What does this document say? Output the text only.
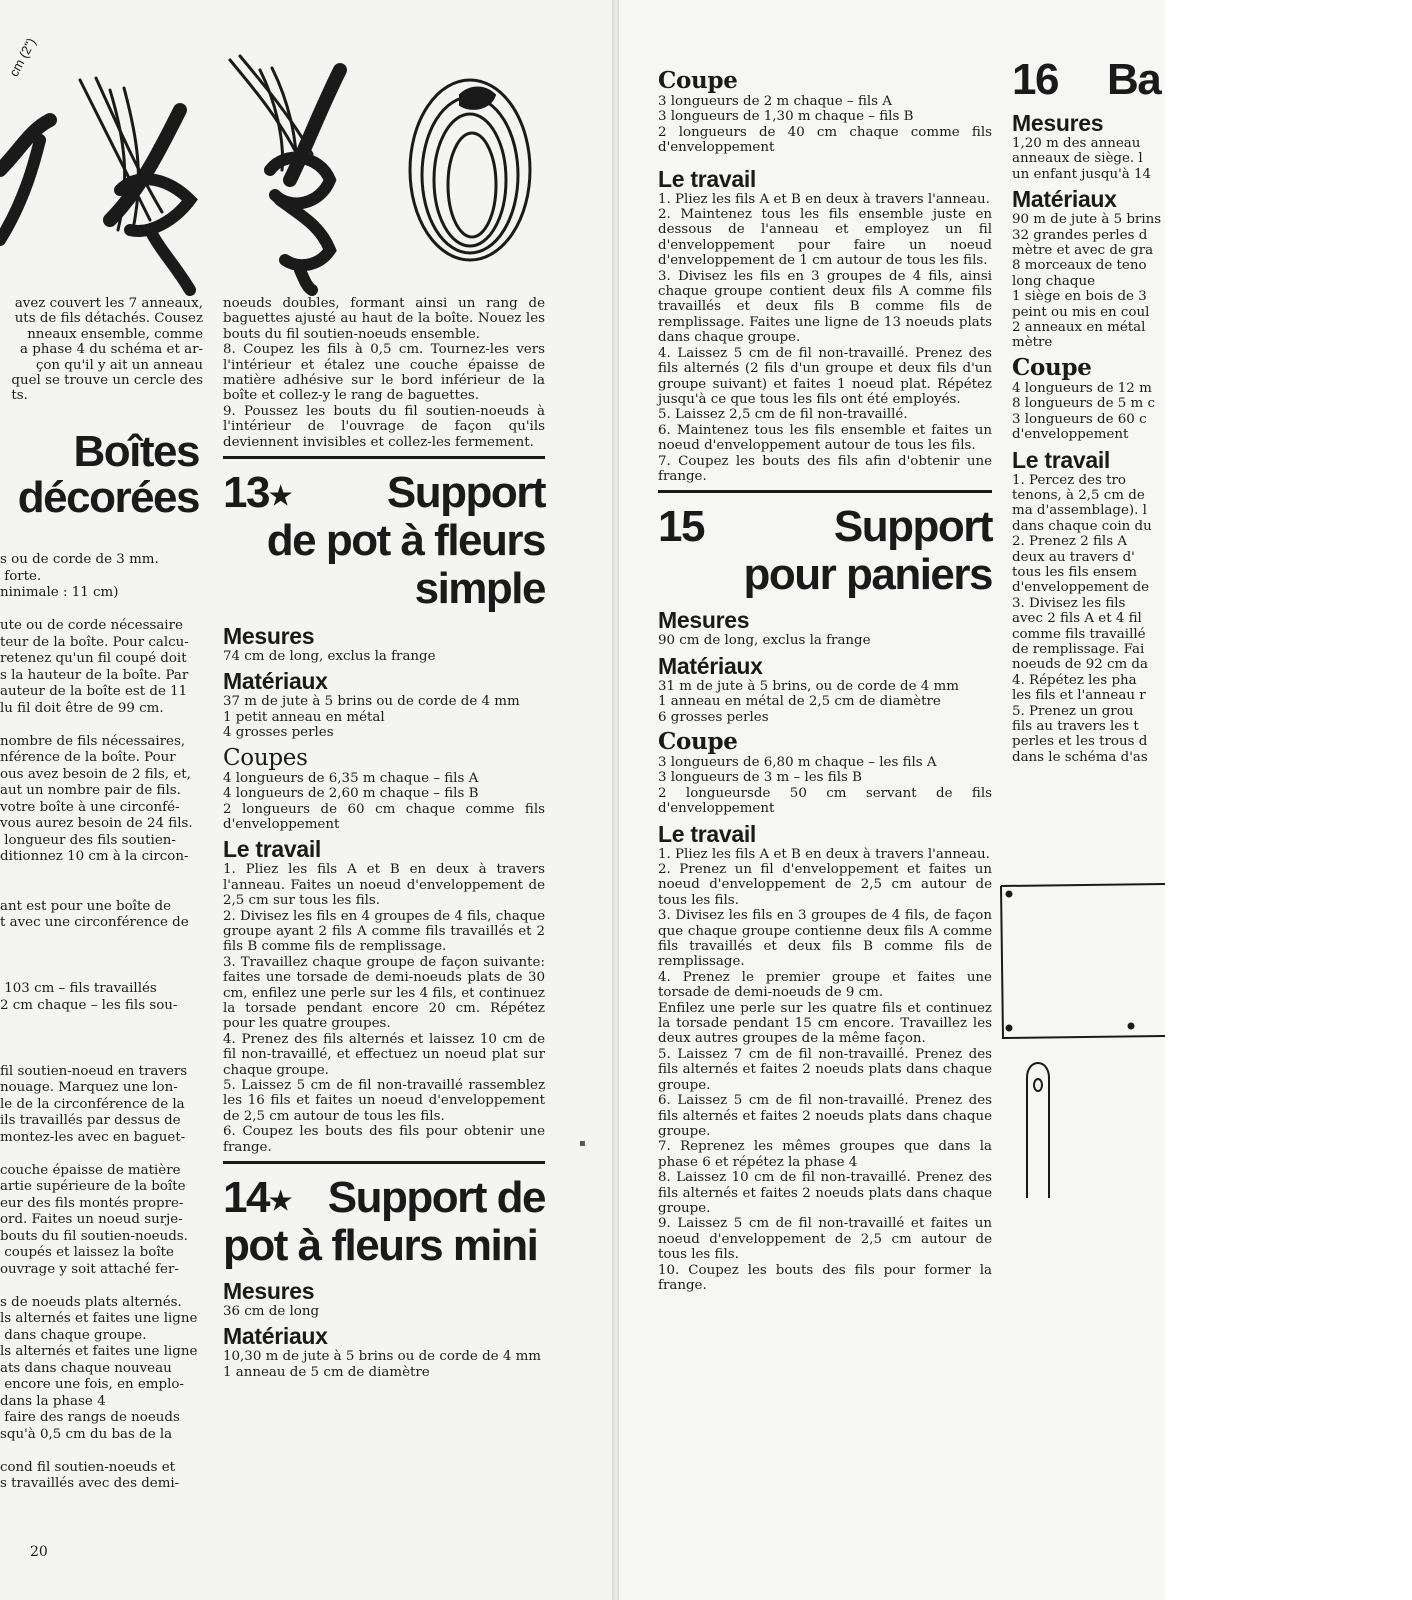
cm (2")
avez couvert les 7 anneaux,
uts de fils détachés. Cousez
nneaux ensemble, comme
a phase 4 du schéma et ar-
çon qu'il y ait un anneau
quel se trouve un cercle des
ts.
Boîtes
décorées
s ou de corde de 3 mm.
forte.
ninimale : 11 cm)
ute ou de corde nécessaire
teur de la boîte. Pour calcu-
retenez qu'un fil coupé doit
s la hauteur de la boîte. Par
auteur de la boîte est de 11
lu fil doit être de 99 cm.
nombre de fils nécessaires,
nférence de la boîte. Pour
ous avez besoin de 2 fils, et,
aut un nombre pair de fils.
votre boîte à une circonfé-
vous aurez besoin de 24 fils.
longueur des fils soutien-
ditionnez 10 cm à la circon-
ant est pour une boîte de
t avec une circonférence de
103 cm – fils travaillés
2 cm chaque – les fils sou-
fil soutien-noeud en travers
nouage. Marquez une lon-
le de la circonférence de la
ils travaillés par dessus de
montez-les avec en baguet-
couche épaisse de matière
artie supérieure de la boîte
eur des fils montés propre-
ord. Faites un noeud surje-
bouts du fil soutien-noeuds.
coupés et laissez la boîte
ouvrage y soit attaché fer-
s de noeuds plats alternés.
ls alternés et faites une ligne
dans chaque groupe.
ls alternés et faites une ligne
ats dans chaque nouveau
encore une fois, en emplo-
dans la phase 4
faire des rangs de noeuds
squ'à 0,5 cm du bas de la
cond fil soutien-noeuds et
s travaillés avec des demi-
20

noeuds doubles, formant ainsi un rang de baguettes ajusté au haut de la boîte. Nouez les bouts du fil soutien-noeuds ensemble.

8. Coupez les fils à 0,5 cm. Tournez-les vers l'intérieur et étalez une couche épaisse de matière adhésive sur le bord inférieur de la boîte et collez-y le rang de baguettes.

9. Poussez les bouts du fil soutien-noeuds à l'intérieur de l'ouvrage de façon qu'ils deviennent invisibles et collez-les fermement.

13★ Support
de pot à fleurs
simple
Mesures

74 cm de long, exclus la frange

Matériaux

37 m de jute à 5 brins ou de corde de 4 mm

1 petit anneau en métal

4 grosses perles

Coupes

4 longueurs de 6,35 m chaque – fils A

4 longueurs de 2,60 m chaque – fils B

2 longueurs de 60 cm chaque comme fils d'enveloppement

Le travail

1. Pliez les fils A et B en deux à travers l'anneau. Faites un noeud d'enveloppement de 2,5 cm sur tous les fils.

2. Divisez les fils en 4 groupes de 4 fils, chaque groupe ayant 2 fils A comme fils travaillés et 2 fils B comme fils de remplissage.

3. Travaillez chaque groupe de façon suivante: faites une torsade de demi-noeuds plats de 30 cm, enfilez une perle sur les 4 fils, et continuez la torsade pendant encore 20 cm. Répétez pour les quatre groupes.

4. Prenez des fils alternés et laissez 10 cm de fil non-travaillé, et effectuez un noeud plat sur chaque groupe.

5. Laissez 5 cm de fil non-travaillé rassemblez les 16 fils et faites un noeud d'enveloppement de 2,5 cm autour de tous les fils.

6. Coupez les bouts des fils pour obtenir une frange.

14★ Support de
pot à fleurs mini
Mesures

36 cm de long

Matériaux

10,30 m de jute à 5 brins ou de corde de 4 mm

1 anneau de 5 cm de diamètre

Coupe

3 longueurs de 2 m chaque – fils A

3 longueurs de 1,30 m chaque – fils B

2 longueurs de 40 cm chaque comme fils d'enveloppement

Le travail

1. Pliez les fils A et B en deux à travers l'anneau.

2. Maintenez tous les fils ensemble juste en dessous de l'anneau et employez un fil d'enveloppement pour faire un noeud d'enveloppement de 1 cm autour de tous les fils.

3. Divisez les fils en 3 groupes de 4 fils, ainsi chaque groupe contient deux fils A comme fils travaillés et deux fils B comme fils de remplissage. Faites une ligne de 13 noeuds plats dans chaque groupe.

4. Laissez 5 cm de fil non-travaillé. Prenez des fils alternés (2 fils d'un groupe et deux fils d'un groupe suivant) et faites 1 noeud plat. Répétez jusqu'à ce que tous les fils ont été employés.

5. Laissez 2,5 cm de fil non-travaillé.

6. Maintenez tous les fils ensemble et faites un noeud d'enveloppement autour de tous les fils.

7. Coupez les bouts des fils afin d'obtenir une frange.

15	Support
pour paniers
Mesures

90 cm de long, exclus la frange

Matériaux

31 m de jute à 5 brins, ou de corde de 4 mm

1 anneau en métal de 2,5 cm de diamètre

6 grosses perles

Coupe

3 longueurs de 6,80 m chaque – les fils A

3 longueurs de 3 m – les fils B

2 longueursde 50 cm servant de fils d'enveloppement

Le travail

1. Pliez les fils A et B en deux à travers l'anneau.

2. Prenez un fil d'enveloppement et faites un noeud d'enveloppement de 2,5 cm autour de tous les fils.

3. Divisez les fils en 3 groupes de 4 fils, de façon que chaque groupe contienne deux fils A comme fils travaillés et deux fils B comme fils de remplissage.

4. Prenez le premier groupe et faites une torsade de demi-noeuds de 9 cm.

Enfilez une perle sur les quatre fils et continuez la torsade pendant 15 cm encore. Travaillez les deux autres groupes de la même façon.

5. Laissez 7 cm de fil non-travaillé. Prenez des fils alternés et faites 2 noeuds plats dans chaque groupe.

6. Laissez 5 cm de fil non-travaillé. Prenez des fils alternés et faites 2 noeuds plats dans chaque groupe.

7. Reprenez les mêmes groupes que dans la phase 6 et répétez la phase 4

8. Laissez 10 cm de fil non-travaillé. Prenez des fils alternés et faites 2 noeuds plats dans chaque groupe.

9. Laissez 5 cm de fil non-travaillé et faites un noeud d'enveloppement de 2,5 cm autour de tous les fils.

10. Coupez les bouts des fils pour former la frange.

16 Ba
Mesures
1,20 m des anneau
anneaux de siège. l
un enfant jusqu'à 14
Matériaux
90 m de jute à 5 brins
32 grandes perles d
mètre et avec de gra
8 morceaux de teno
long chaque
1 siège en bois de 3
peint ou mis en coul
2 anneaux en métal
mètre
Coupe
4 longueurs de 12 m
8 longueurs de 5 m c
3 longueurs de 60 c
d'enveloppement
Le travail
1. Percez des tro
tenons, à 2,5 cm de
ma d'assemblage). l
dans chaque coin du
2. Prenez 2 fils A
deux au travers d'
tous les fils ensem
d'enveloppement de
3. Divisez les fils
avec 2 fils A et 4 fil
comme fils travaillé
de remplissage. Fai
noeuds de 92 cm da
4. Répétez les pha
les fils et l'anneau r
5. Prenez un grou
fils au travers les t
perles et les trous d
dans le schéma d'as
▪
